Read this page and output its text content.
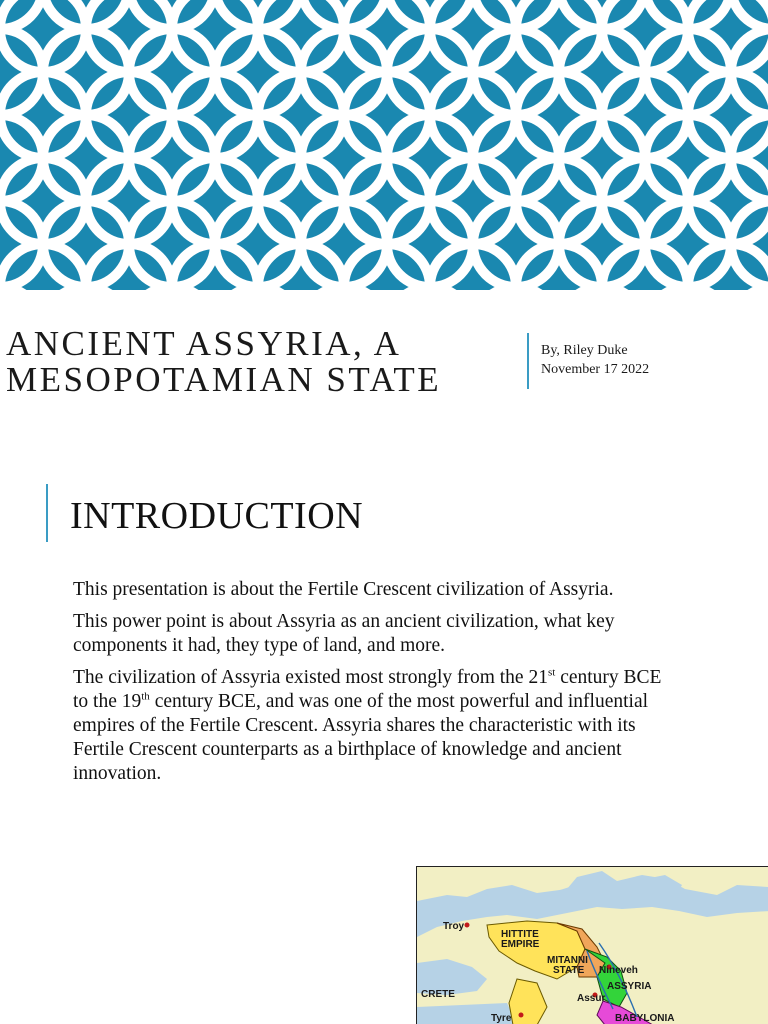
ANCIENT ASSYRIA, A
MESOPOTAMIAN STATE
By, Riley Duke
November 17 2022
INTRODUCTION

This presentation is about the Fertile Crescent civilization of Assyria.

This power point is about Assyria as an ancient civilization, what key components it had, they type of land, and more.

The civilization of Assyria existed most strongly from the 21st century BCE to the 19th century BCE, and was one of the most powerful and influential empires of the Fertile Crescent. Assyria shares the characteristic with its Fertile Crescent counterparts as a birthplace of knowledge and ancient innovation.

Troy
HITTITE
EMPIRE
MITANNI
STATE Nineveh
ASSYRIA
Assur
CRETE
Tyre	BABYLONIA
